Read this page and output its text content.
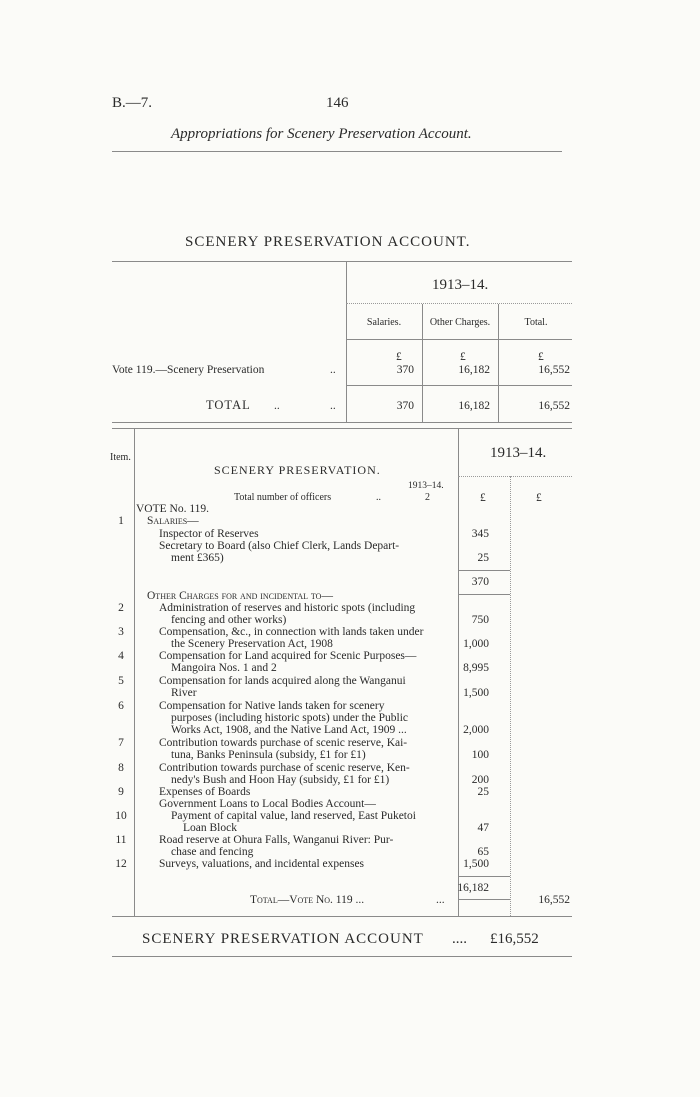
B.—7.	146
Appropriations for Scenery Preservation Account.
SCENERY PRESERVATION ACCOUNT.
1913–14.
Salaries.	Other Charges.	Total.
£	£	£
Vote 119.—Scenery Preservation	..	370	16,182	16,552
TOTAL ..	..	370	16,182	16,552
Item.	1913–14.
SCENERY PRESERVATION.
1913–14.
Total number of officers	..	2	£	£
VOTE No. 119.
Salaries—
1
Inspector of Reserves	345
Secretary to Board (also Chief Clerk, Lands Depart-
ment £365)	25
370
Other Charges for and incidental to—
2	Administration of reserves and historic spots (including
fencing and other works)	750
3	Compensation, &c., in connection with lands taken under
the Scenery Preservation Act, 1908	1,000
4	Compensation for Land acquired for Scenic Purposes—
Mangoira Nos. 1 and 2	8,995
5	Compensation for lands acquired along the Wanganui
River	1,500
6	Compensation for Native lands taken for scenery
purposes (including historic spots) under the Public
Works Act, 1908, and the Native Land Act, 1909 ...	2,000
7	Contribution towards purchase of scenic reserve, Kai-
tuna, Banks Peninsula (subsidy, £1 for £1)	100
8	Contribution towards purchase of scenic reserve, Ken-
nedy's Bush and Hoon Hay (subsidy, £1 for £1)	200
9	Expenses of Boards	25
Government Loans to Local Bodies Account—
10	Payment of capital value, land reserved, East Puketoi
Loan Block	47
11	Road reserve at Ohura Falls, Wanganui River: Pur-
chase and fencing	65
12	Surveys, valuations, and incidental expenses	1,500
16,182
Total—Vote No. 119 ...	...	16,552
SCENERY PRESERVATION ACCOUNT .... £16,552
